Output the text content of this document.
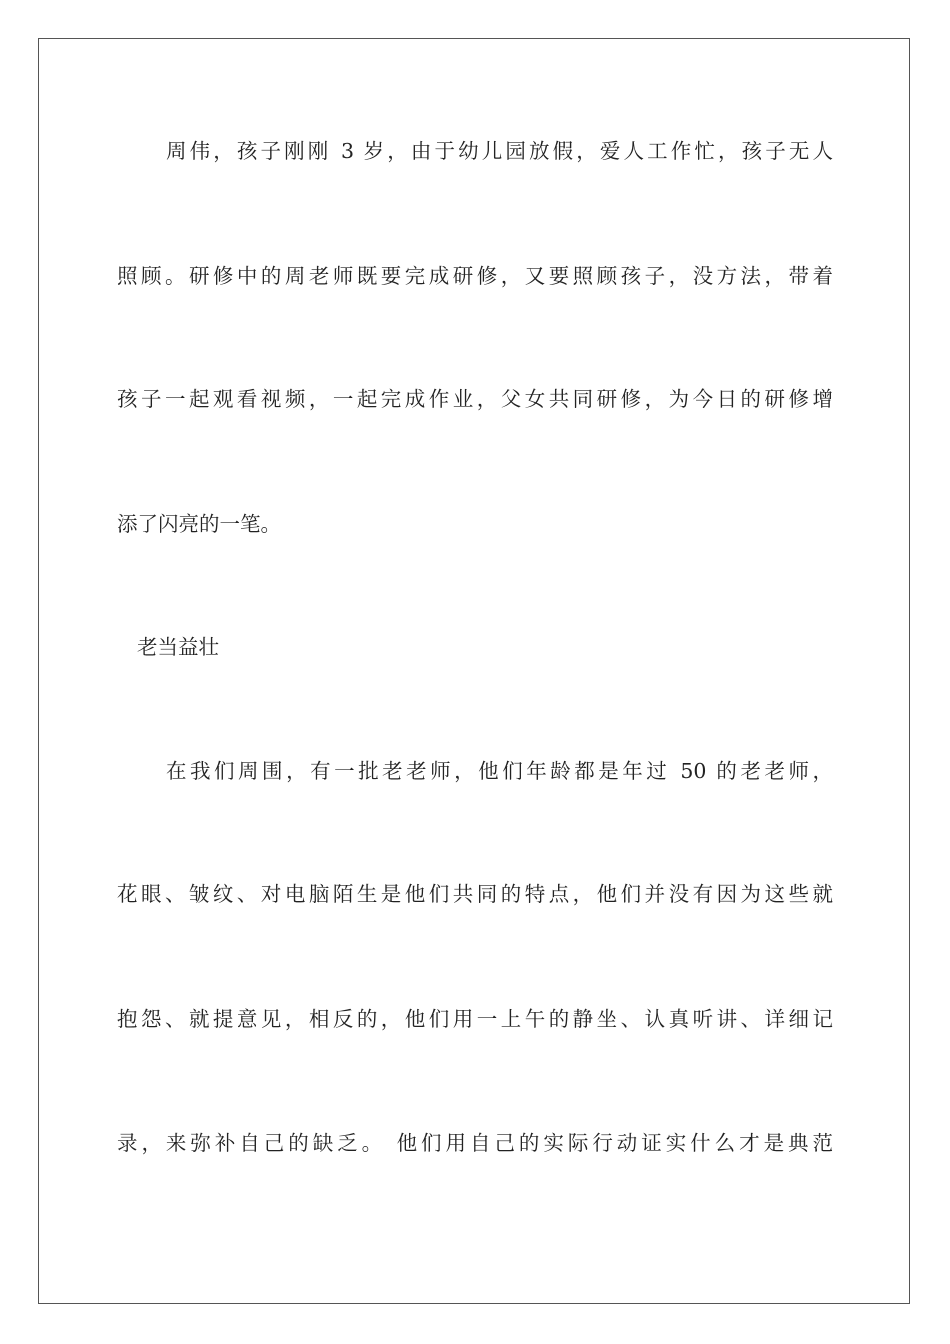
周伟，孩子刚刚 3 岁，由于幼儿园放假，爱人工作忙，孩子无人
照顾。研修中的周老师既要完成研修，又要照顾孩子，没方法，带着
孩子一起观看视频，一起完成作业，父女共同研修，为今日的研修增
添了闪亮的一笔。
老当益壮
在我们周围，有一批老老师，他们年龄都是年过 50 的老老师，
花眼、皱纹、对电脑陌生是他们共同的特点，他们并没有因为这些就
抱怨、就提意见，相反的，他们用一上午的静坐、认真听讲、详细记
录，来弥补自己的缺乏。 他们用自己的实际行动证实什么才是典范
